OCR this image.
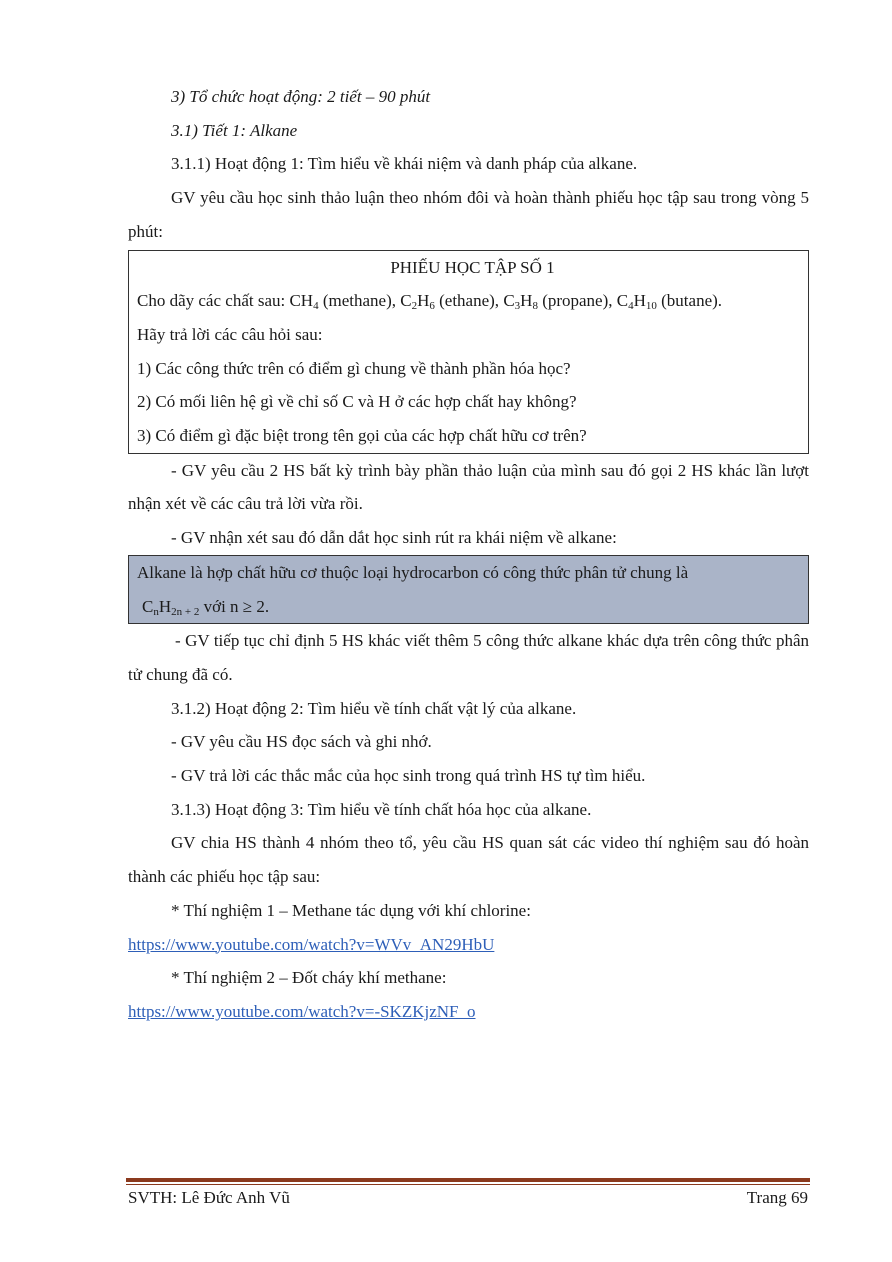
3) Tổ chức hoạt động: 2 tiết – 90 phút

3.1) Tiết 1: Alkane

3.1.1) Hoạt động 1: Tìm hiểu về khái niệm và danh pháp của alkane.

GV yêu cầu học sinh thảo luận theo nhóm đôi và hoàn thành phiếu học tập sau trong vòng 5 phút:

PHIẾU HỌC TẬP SỐ 1

Cho dãy các chất sau: $CH_4$ (methane), $C_2H_6$ (ethane), $C_3H_8$ (propane), $C_4H_{10}$ (butane).

Hãy trả lời các câu hỏi sau:

1) Các công thức trên có điểm gì chung về thành phần hóa học?

2) Có mối liên hệ gì về chỉ số C và H ở các hợp chất hay không?

3) Có điểm gì đặc biệt trong tên gọi của các hợp chất hữu cơ trên?

- GV yêu cầu 2 HS bất kỳ trình bày phần thảo luận của mình sau đó gọi 2 HS khác lần lượt nhận xét về các câu trả lời vừa rồi.

- GV nhận xét sau đó dẫn dắt học sinh rút ra khái niệm về alkane:

Alkane là hợp chất hữu cơ thuộc loại hydrocarbon có công thức phân tử chung là

$C_nH_{2n + 2}$ với n ≥ 2.

- GV tiếp tục chỉ định 5 HS khác viết thêm 5 công thức alkane khác dựa trên công thức phân tử chung đã có.

3.1.2) Hoạt động 2: Tìm hiểu về tính chất vật lý của alkane.

- GV yêu cầu HS đọc sách và ghi nhớ.

- GV trả lời các thắc mắc của học sinh trong quá trình HS tự tìm hiểu.

3.1.3) Hoạt động 3: Tìm hiểu về tính chất hóa học của alkane.

GV chia HS thành 4 nhóm theo tổ, yêu cầu HS quan sát các video thí nghiệm sau đó hoàn thành các phiếu học tập sau:

* Thí nghiệm 1 – Methane tác dụng với khí chlorine:

https://www.youtube.com/watch?v=WVv_AN29HbU

* Thí nghiệm 2 – Đốt cháy khí methane:

https://www.youtube.com/watch?v=-SKZKjzNF_o

SVTH: Lê Đức Anh Vũ	Trang 69
